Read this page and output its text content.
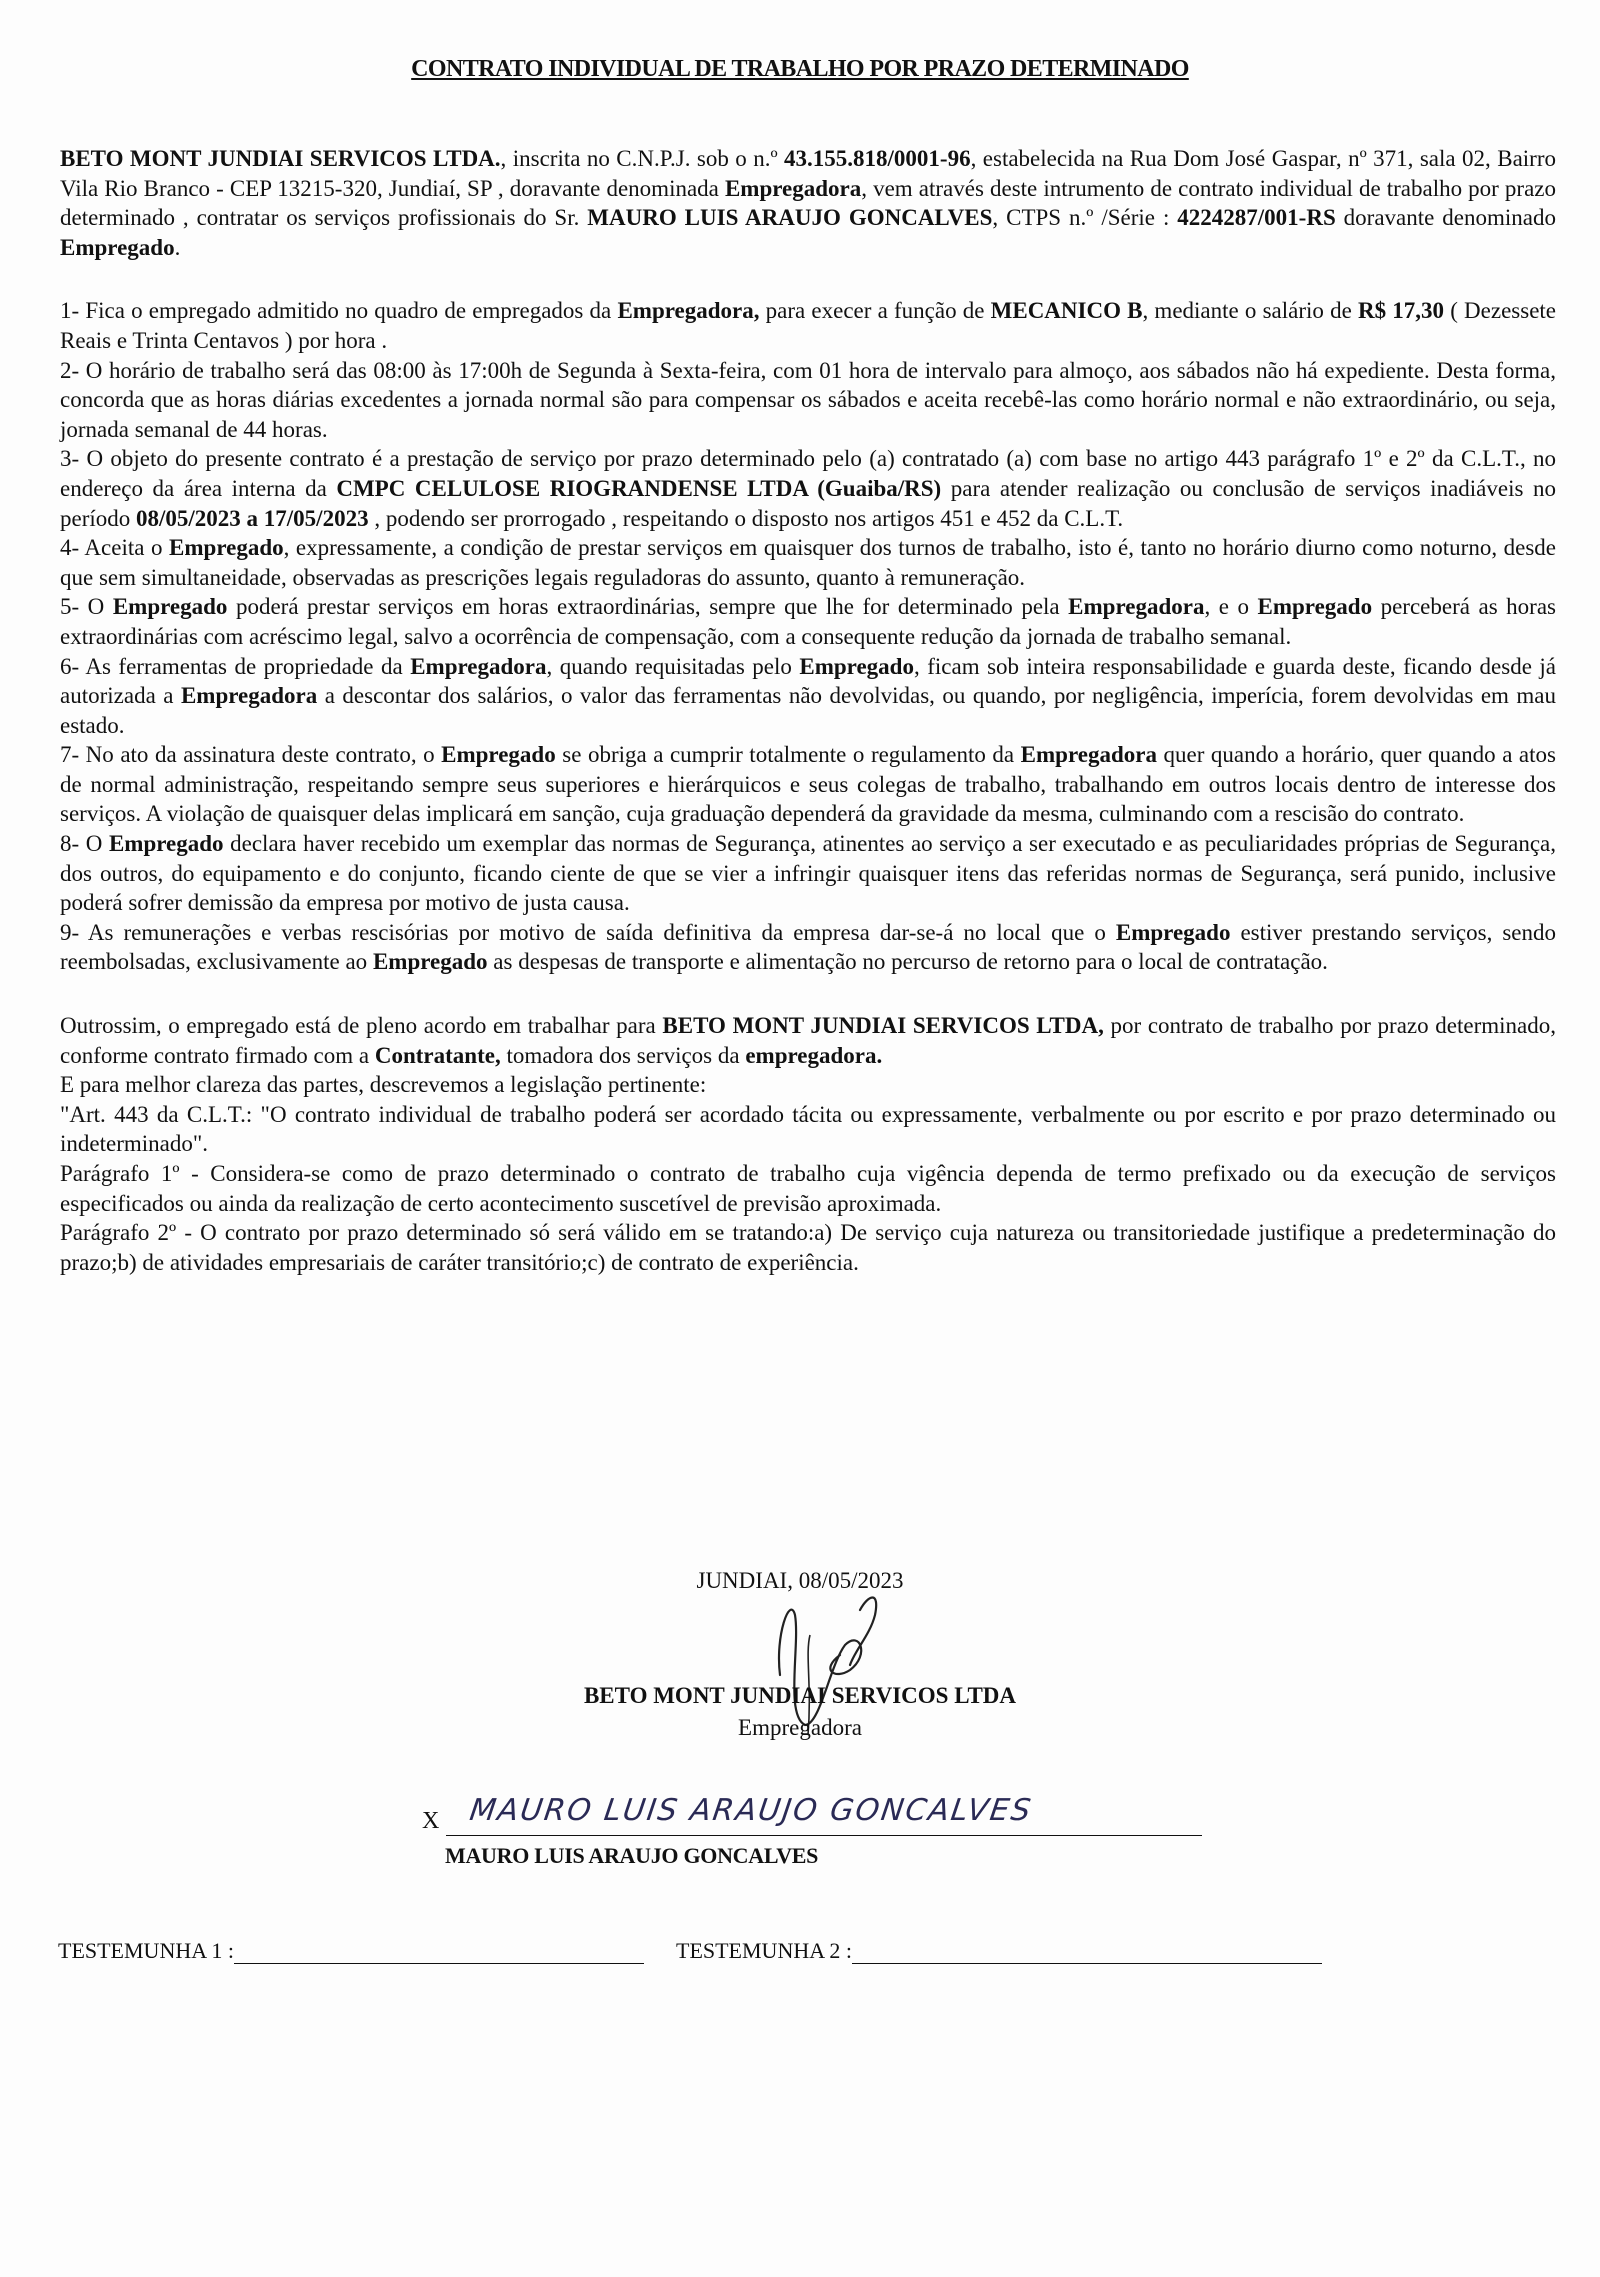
CONTRATO INDIVIDUAL DE TRABALHO POR PRAZO DETERMINADO

BETO MONT JUNDIAI SERVICOS LTDA., inscrita no C.N.P.J. sob o n.º 43.155.818/0001-96, estabelecida na Rua Dom José Gaspar, nº 371, sala 02, Bairro Vila Rio Branco - CEP 13215-320, Jundiaí, SP , doravante denominada Empregadora, vem através deste intrumento de contrato individual de trabalho por prazo determinado , contratar os serviços profissionais do Sr. MAURO LUIS ARAUJO GONCALVES, CTPS n.º /Série : 4224287/001-RS doravante denominado Empregado.

1- Fica o empregado admitido no quadro de empregados da Empregadora, para execer a função de MECANICO B, mediante o salário de R$ 17,30 ( Dezessete Reais e Trinta Centavos ) por hora .

2- O horário de trabalho será das 08:00 às 17:00h de Segunda à Sexta-feira, com 01 hora de intervalo para almoço, aos sábados não há expediente. Desta forma, concorda que as horas diárias excedentes a jornada normal são para compensar os sábados e aceita recebê-las como horário normal e não extraordinário, ou seja, jornada semanal de 44 horas.

3- O objeto do presente contrato é a prestação de serviço por prazo determinado pelo (a) contratado (a) com base no artigo 443 parágrafo 1º e 2º da C.L.T., no endereço da área interna da CMPC CELULOSE RIOGRANDENSE LTDA (Guaiba/RS) para atender realização ou conclusão de serviços inadiáveis no período 08/05/2023 a 17/05/2023 , podendo ser prorrogado , respeitando o disposto nos artigos 451 e 452 da C.L.T.

4- Aceita o Empregado, expressamente, a condição de prestar serviços em quaisquer dos turnos de trabalho, isto é, tanto no horário diurno como noturno, desde que sem simultaneidade, observadas as prescrições legais reguladoras do assunto, quanto à remuneração.

5- O Empregado poderá prestar serviços em horas extraordinárias, sempre que lhe for determinado pela Empregadora, e o Empregado perceberá as horas extraordinárias com acréscimo legal, salvo a ocorrência de compensação, com a consequente redução da jornada de trabalho semanal.

6- As ferramentas de propriedade da Empregadora, quando requisitadas pelo Empregado, ficam sob inteira responsabilidade e guarda deste, ficando desde já autorizada a Empregadora a descontar dos salários, o valor das ferramentas não devolvidas, ou quando, por negligência, imperícia, forem devolvidas em mau estado.

7- No ato da assinatura deste contrato, o Empregado se obriga a cumprir totalmente o regulamento da Empregadora quer quando a horário, quer quando a atos de normal administração, respeitando sempre seus superiores e hierárquicos e seus colegas de trabalho, trabalhando em outros locais dentro de interesse dos serviços. A violação de quaisquer delas implicará em sanção, cuja graduação dependerá da gravidade da mesma, culminando com a rescisão do contrato.

8- O Empregado declara haver recebido um exemplar das normas de Segurança, atinentes ao serviço a ser executado e as peculiaridades próprias de Segurança, dos outros, do equipamento e do conjunto, ficando ciente de que se vier a infringir quaisquer itens das referidas normas de Segurança, será punido, inclusive poderá sofrer demissão da empresa por motivo de justa causa.

9- As remunerações e verbas rescisórias por motivo de saída definitiva da empresa dar-se-á no local que o Empregado estiver prestando serviços, sendo reembolsadas, exclusivamente ao Empregado as despesas de transporte e alimentação no percurso de retorno para o local de contratação.

Outrossim, o empregado está de pleno acordo em trabalhar para BETO MONT JUNDIAI SERVICOS LTDA, por contrato de trabalho por prazo determinado, conforme contrato firmado com a Contratante, tomadora dos serviços da empregadora.

E para melhor clareza das partes, descrevemos a legislação pertinente:

"Art. 443 da C.L.T.: "O contrato individual de trabalho poderá ser acordado tácita ou expressamente, verbalmente ou por escrito e por prazo determinado ou indeterminado".

Parágrafo 1º - Considera-se como de prazo determinado o contrato de trabalho cuja vigência dependa de termo prefixado ou da execução de serviços especificados ou ainda da realização de certo acontecimento suscetível de previsão aproximada.

Parágrafo 2º - O contrato por prazo determinado só será válido em se tratando:a) De serviço cuja natureza ou transitoriedade justifique a predeterminação do prazo;b) de atividades empresariais de caráter transitório;c) de contrato de experiência.

JUNDIAI, 08/05/2023
BETO MONT JUNDIAI SERVICOS LTDA
Empregadora
X MAURO LUIS ARAUJO GONCALVES
MAURO LUIS ARAUJO GONCALVES
TESTEMUNHA 1 :	TESTEMUNHA 2 :
